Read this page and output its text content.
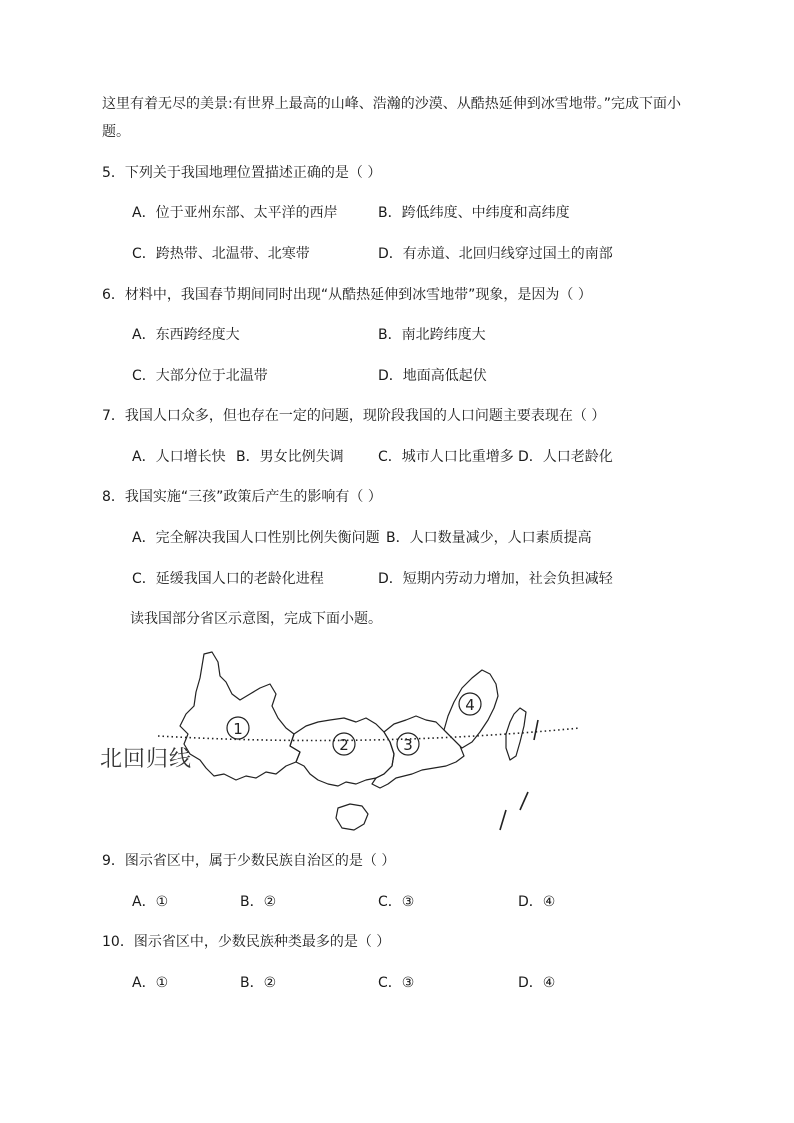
这里有着无尽的美景:有世界上最高的山峰、浩瀚的沙漠、从酷热延伸到冰雪地带。”完成下面小
题。
5．下列关于我国地理位置描述正确的是（ ）
A．位于亚州东部、太平洋的西岸	B．跨低纬度、中纬度和高纬度
C．跨热带、北温带、北寒带	D．有赤道、北回归线穿过国土的南部
6．材料中，我国春节期间同时出现“从酷热延伸到冰雪地带”现象，是因为（ ）
A．东西跨经度大	B．南北跨纬度大
C．大部分位于北温带	D．地面高低起伏
7．我国人口众多，但也存在一定的问题，现阶段我国的人口问题主要表现在（ ）
A．人口增长快 B．男女比例失调 C．城市人口比重增多 D．人口老龄化
8．我国实施“三孩”政策后产生的影响有（ ）
A．完全解决我国人口性别比例失衡问题 B．人口数量减少，人口素质提高
C．延缓我国人口的老龄化进程	D．短期内劳动力增加，社会负担减轻
读我国部分省区示意图，完成下面小题。
1
2	3
4
北回归线
9．图示省区中，属于少数民族自治区的是（ ）
A．①	B．②	C．③	D．④
10．图示省区中，少数民族种类最多的是（ ）
A．①	B．②	C．③	D．④
